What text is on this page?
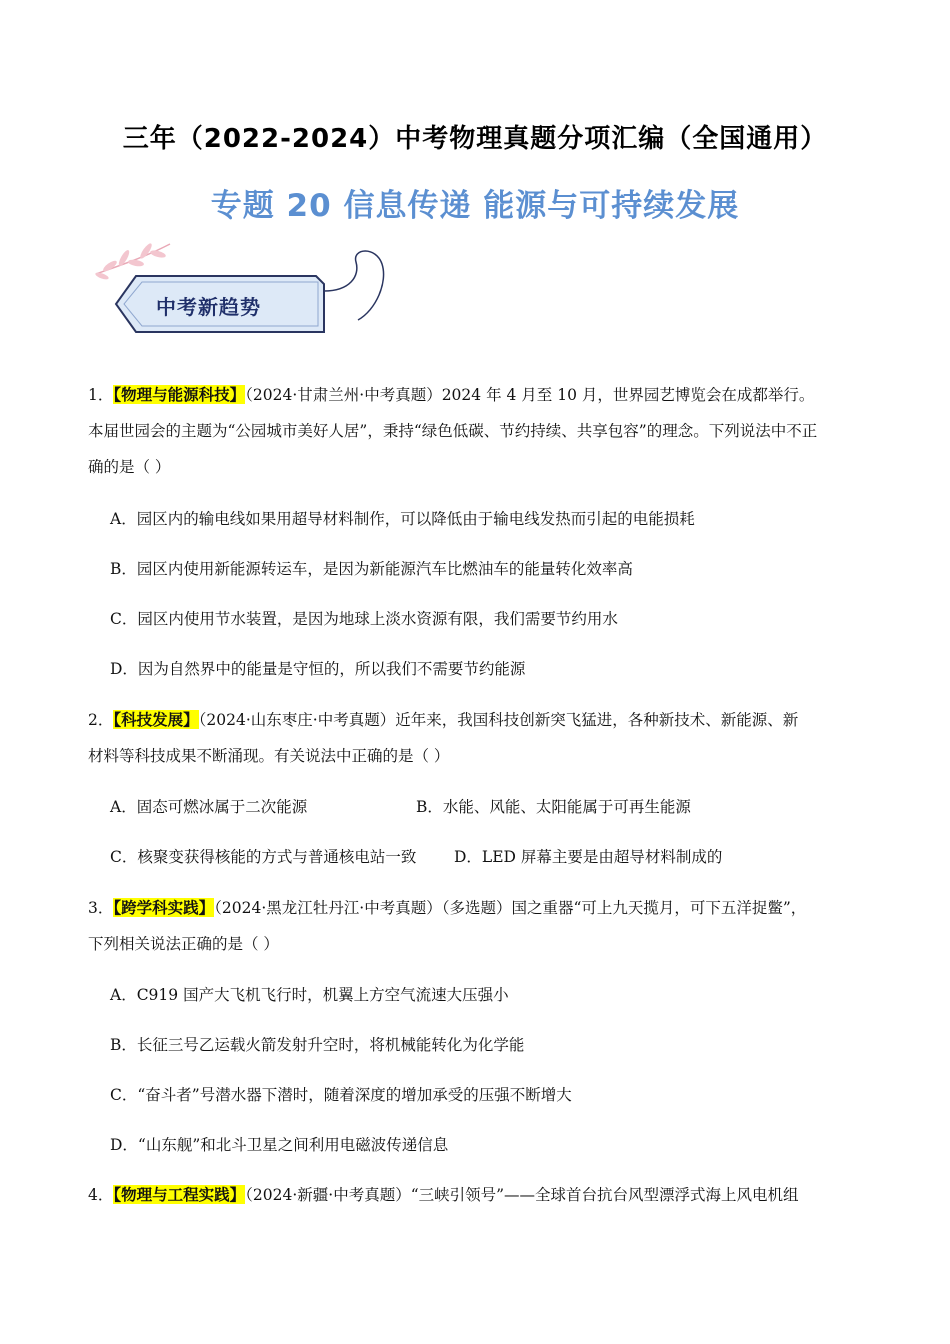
三年（2022-2024）中考物理真题分项汇编（全国通用）
专题 20 信息传递 能源与可持续发展
中考新趋势
1．【物理与能源科技】（2024·甘肃兰州·中考真题）2024 年 4 月至 10 月，世界园艺博览会在成都举行。
本届世园会的主题为“公园城市美好人居”，秉持“绿色低碳、节约持续、共享包容”的理念。下列说法中不正
确的是（ ）
A．园区内的输电线如果用超导材料制作，可以降低由于输电线发热而引起的电能损耗
B．园区内使用新能源转运车，是因为新能源汽车比燃油车的能量转化效率高
C．园区内使用节水装置，是因为地球上淡水资源有限，我们需要节约用水
D．因为自然界中的能量是守恒的，所以我们不需要节约能源
2．【科技发展】（2024·山东枣庄·中考真题）近年来，我国科技创新突飞猛进，各种新技术、新能源、新
材料等科技成果不断涌现。有关说法中正确的是（ ）
A．固态可燃冰属于二次能源	B．水能、风能、太阳能属于可再生能源
C．核聚变获得核能的方式与普通核电站一致 D．LED 屏幕主要是由超导材料制成的
3．【跨学科实践】（2024·黑龙江牡丹江·中考真题）（多选题）国之重器“可上九天揽月，可下五洋捉鳖”，
下列相关说法正确的是（ ）
A．C919 国产大飞机飞行时，机翼上方空气流速大压强小
B．长征三号乙运载火箭发射升空时，将机械能转化为化学能
C．“奋斗者”号潜水器下潜时，随着深度的增加承受的压强不断增大
D．“山东舰”和北斗卫星之间利用电磁波传递信息
4．【物理与工程实践】（2024·新疆·中考真题）“三峡引领号”——全球首台抗台风型漂浮式海上风电机组
